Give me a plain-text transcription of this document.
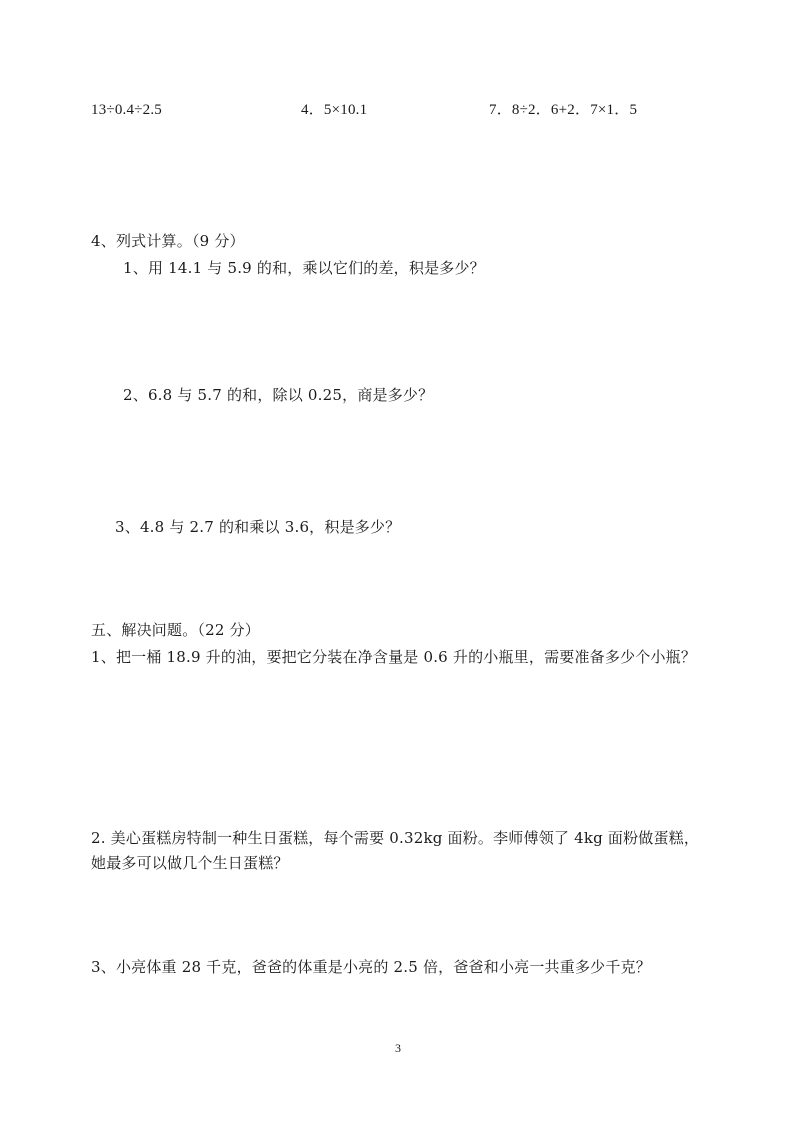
13÷0.4÷2.5	4．5×10.1	7．8÷2．6+2．7×1．5
4、列式计算。（9 分）
1、用 14.1 与 5.9 的和，乘以它们的差，积是多少？
2、6.8 与 5.7 的和，除以 0.25，商是多少？
3、4.8 与 2.7 的和乘以 3.6，积是多少？
五、解决问题。（22 分）
1、把一桶 18.9 升的油，要把它分装在净含量是 0.6 升的小瓶里，需要准备多少个小瓶？
2. 美心蛋糕房特制一种生日蛋糕，每个需要 0.32kg 面粉。李师傅领了 4kg 面粉做蛋糕，
她最多可以做几个生日蛋糕？
3、小亮体重 28 千克，爸爸的体重是小亮的 2.5 倍，爸爸和小亮一共重多少千克？
3
